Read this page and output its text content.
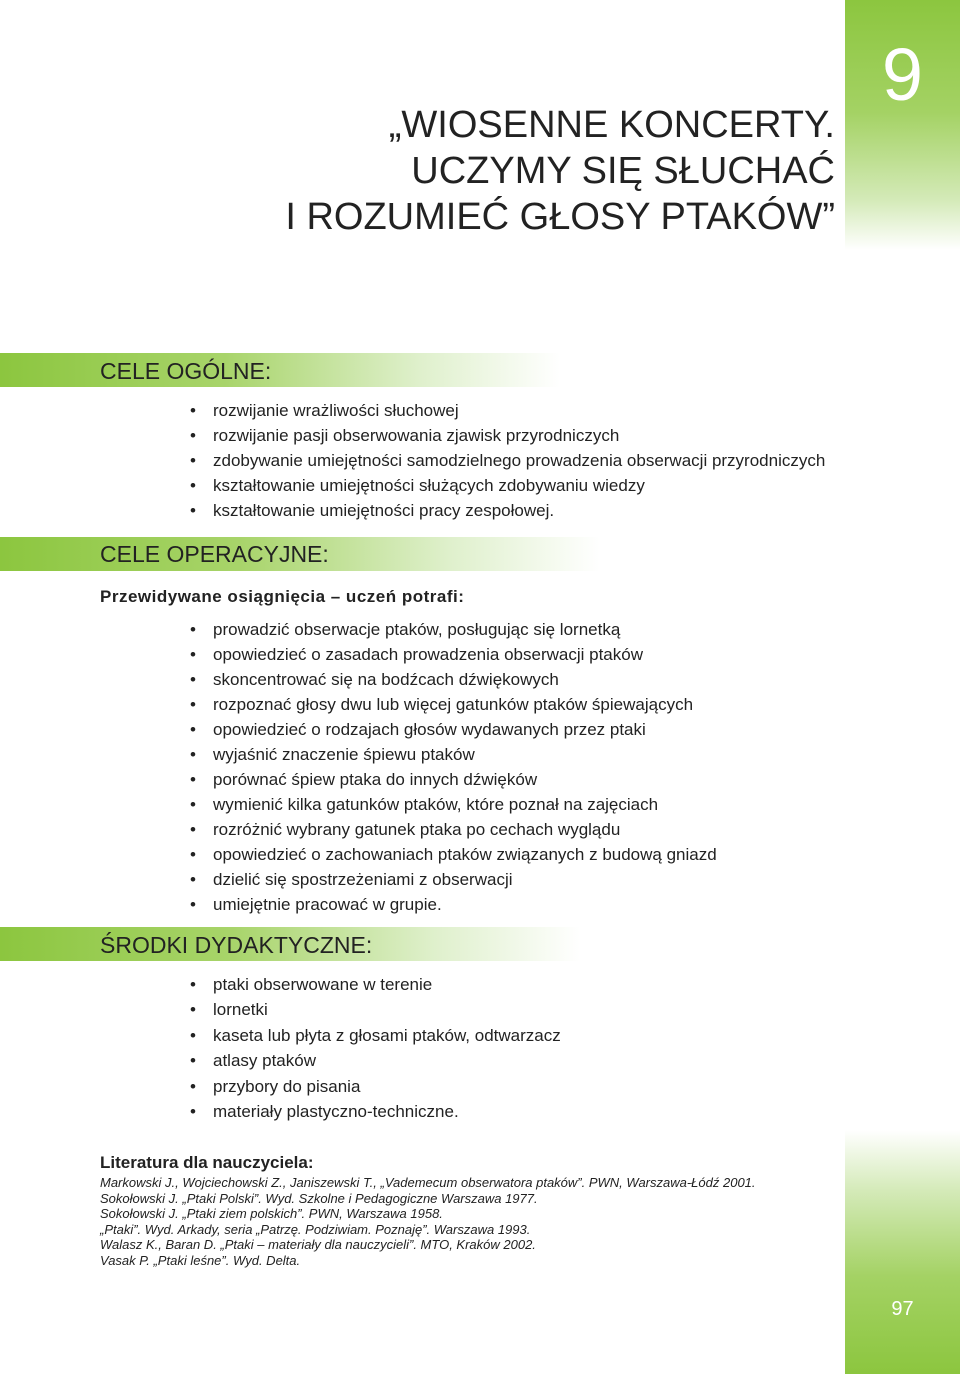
9
97
„WIOSENNE KONCERTY.
UCZYMY SIĘ SŁUCHAĆ
I ROZUMIEĆ GŁOSY PTAKÓW”
CELE OGÓLNE:
• rozwijanie wrażliwości słuchowej
• rozwijanie pasji obserwowania zjawisk przyrodniczych
• zdobywanie umiejętności samodzielnego prowadzenia obserwacji przyrodniczych
• kształtowanie umiejętności służących zdobywaniu wiedzy
• kształtowanie umiejętności pracy zespołowej.
CELE OPERACYJNE:
Przewidywane osiągnięcia – uczeń potrafi:
• prowadzić obserwacje ptaków, posługując się lornetką
• opowiedzieć o zasadach prowadzenia obserwacji ptaków
• skoncentrować się na bodźcach dźwiękowych
• rozpoznać głosy dwu lub więcej gatunków ptaków śpiewających
• opowiedzieć o rodzajach głosów wydawanych przez ptaki
• wyjaśnić znaczenie śpiewu ptaków
• porównać śpiew ptaka do innych dźwięków
• wymienić kilka gatunków ptaków, które poznał na zajęciach
• rozróżnić wybrany gatunek ptaka po cechach wyglądu
• opowiedzieć o zachowaniach ptaków związanych z budową gniazd
• dzielić się spostrzeżeniami z obserwacji
• umiejętnie pracować w grupie.
ŚRODKI DYDAKTYCZNE:
• ptaki obserwowane w terenie
• lornetki
• kaseta lub płyta z głosami ptaków, odtwarzacz
• atlasy ptaków
• przybory do pisania
• materiały plastyczno-techniczne.
Literatura dla nauczyciela:
Markowski J., Wojciechowski Z., Janiszewski T., „Vademecum obserwatora ptaków”. PWN, Warszawa-Łódź 2001.
Sokołowski J. „Ptaki Polski”. Wyd. Szkolne i Pedagogiczne Warszawa 1977.
Sokołowski J. „Ptaki ziem polskich”. PWN, Warszawa 1958.
„Ptaki”. Wyd. Arkady, seria „Patrzę. Podziwiam. Poznaję”. Warszawa 1993.
Walasz K., Baran D. „Ptaki – materiały dla nauczycieli”. MTO, Kraków 2002.
Vasak P. „Ptaki leśne”. Wyd. Delta.
